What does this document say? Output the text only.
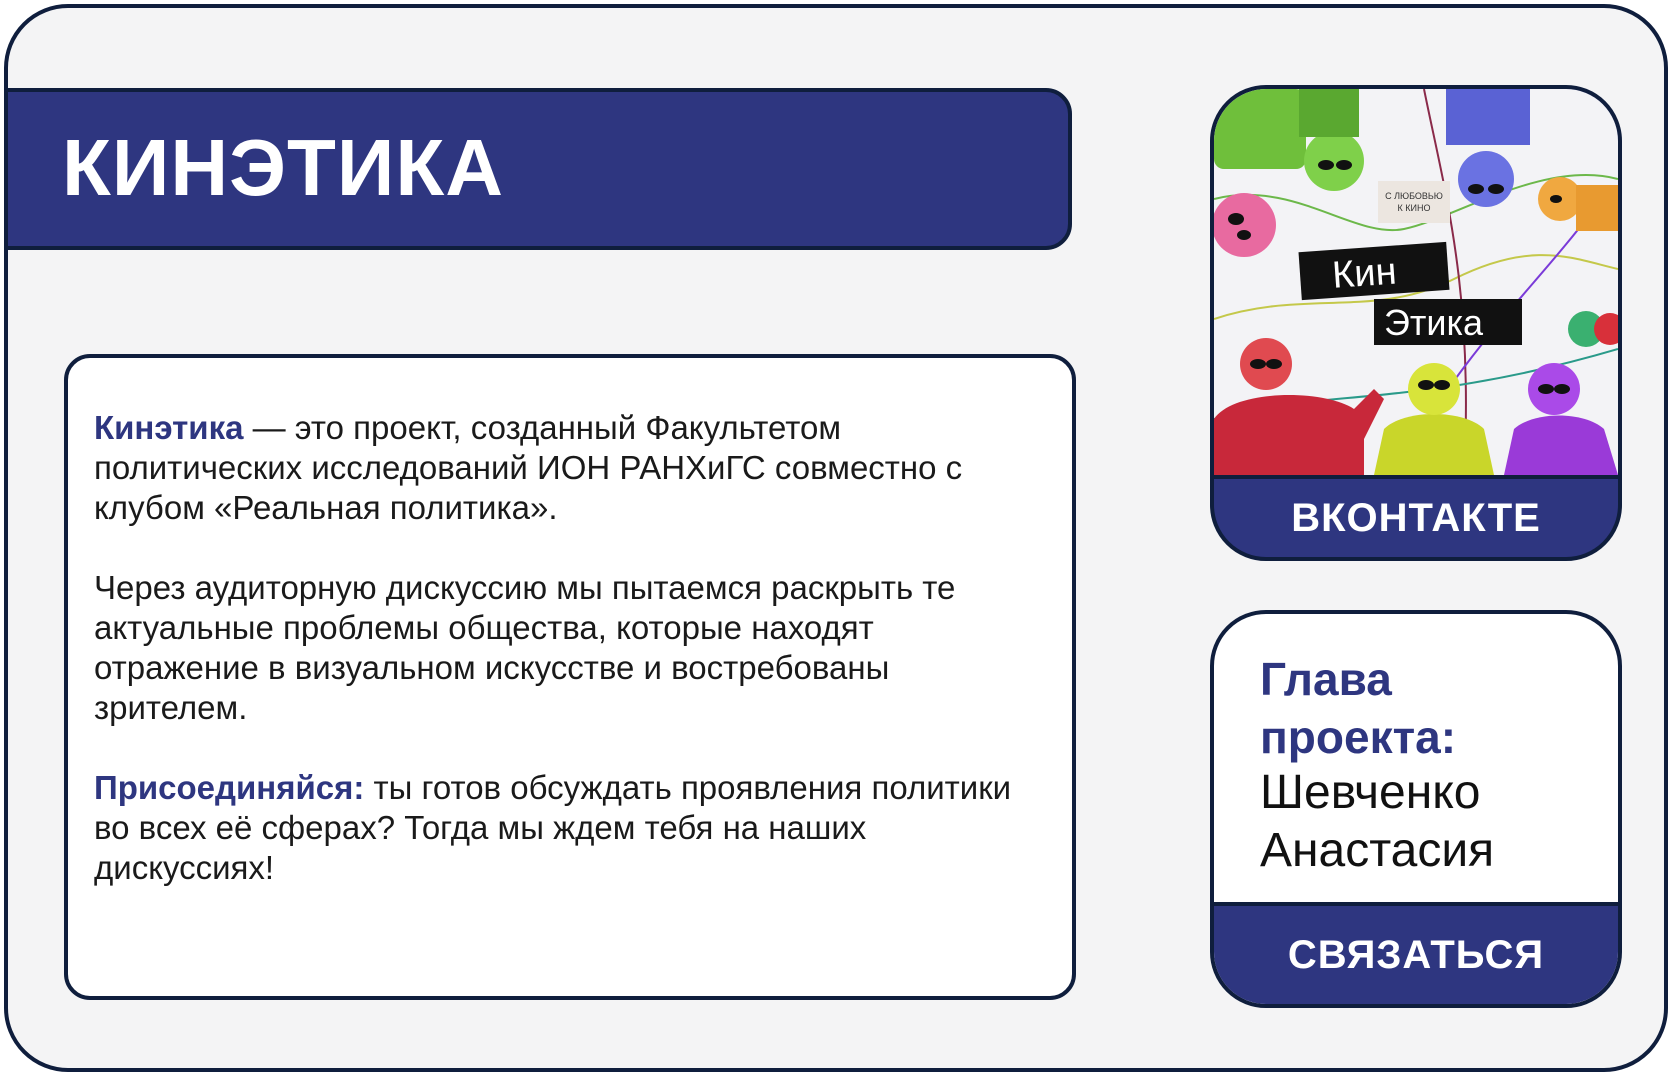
КИНЭТИКА

Кинэтика — это проект, созданный Факультетом политических исследований ИОН РАНХиГС совместно с клубом «Реальная политика».

Через аудиторную дискуссию мы пытаемся раскрыть те актуальные проблемы общества, которые находят отражение в визуальном искусстве и востребованы зрителем.

Присоединяйся: ты готов обсуждать проявления политики во всех её сферах? Тогда мы ждем тебя на наших дискуссиях!

С ЛЮБОВЬЮ
К КИНО
Кин
Этика
ВКОНТАКТЕ
Глава проекта:
Шевченко
Анастасия
СВЯЗАТЬСЯ
